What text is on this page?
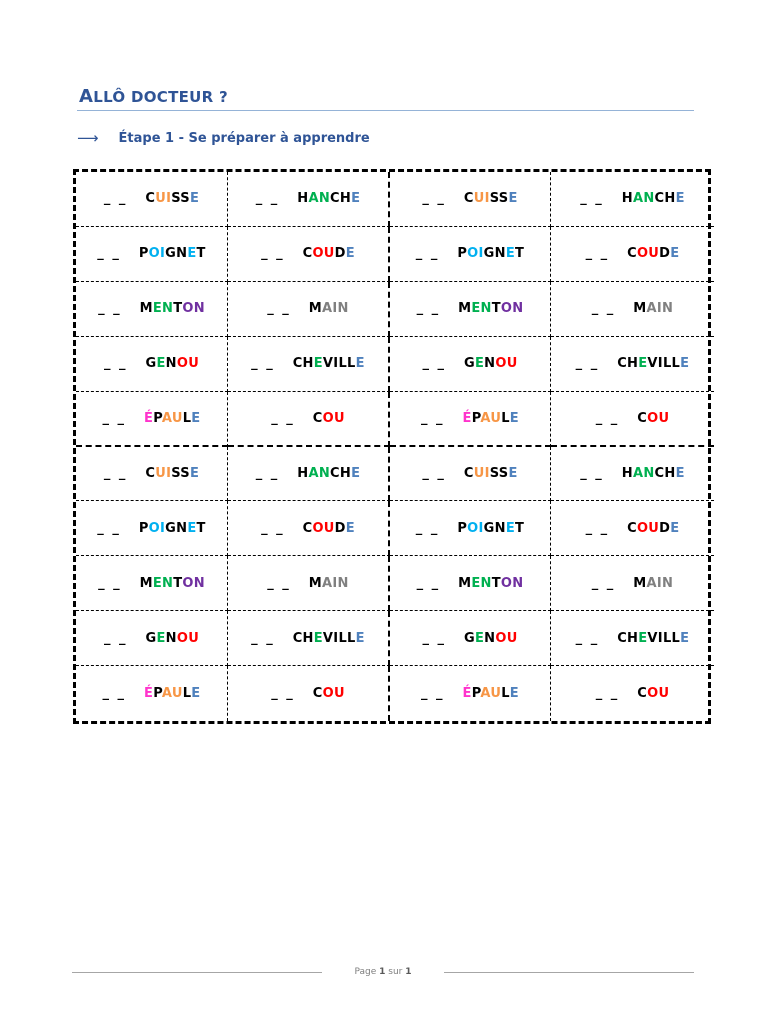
ALLÔ DOCTEUR ?
⟶ Étape 1 - Se préparer à apprendre
_ _ CUISSE	_ _ HANCHE	_ _ CUISSE	_ _ HANCHE
_ _ POIGNET	_ _ COUDE	_ _ POIGNET	_ _ COUDE
_ _ MENTON	_ _ MAIN	_ _ MENTON	_ _ MAIN
_ _ GENOU	_ _ CHEVILLE	_ _ GENOU	_ _ CHEVILLE
_ _ ÉPAULE	_ _ COU	_ _ ÉPAULE	_ _ COU
_ _ CUISSE	_ _ HANCHE	_ _ CUISSE	_ _ HANCHE
_ _ POIGNET	_ _ COUDE	_ _ POIGNET	_ _ COUDE
_ _ MENTON	_ _ MAIN	_ _ MENTON	_ _ MAIN
_ _ GENOU	_ _ CHEVILLE	_ _ GENOU	_ _ CHEVILLE
_ _ ÉPAULE	_ _ COU	_ _ ÉPAULE	_ _ COU
Page 1 sur 1
